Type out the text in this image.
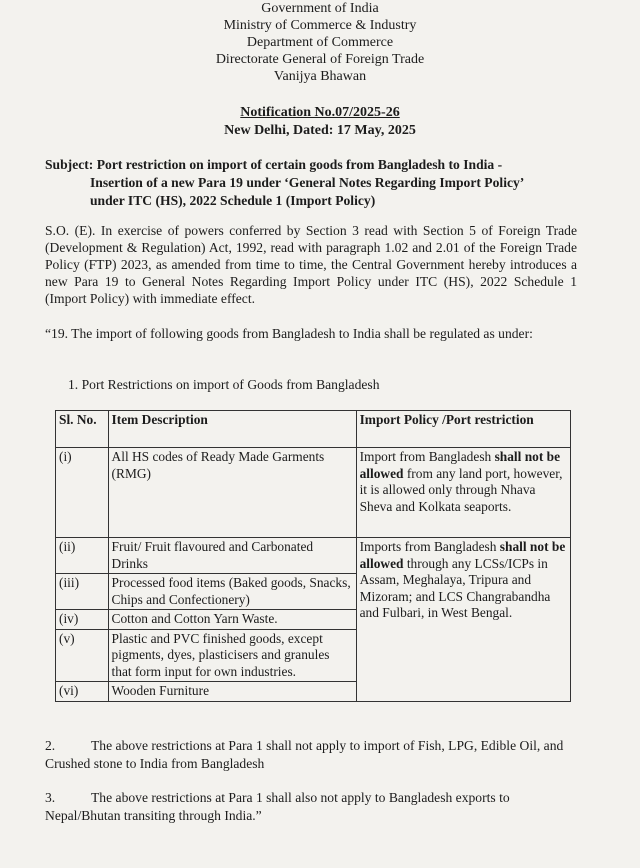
Government of India
Ministry of Commerce & Industry
Department of Commerce
Directorate General of Foreign Trade
Vanijya Bhawan
Notification No.07/2025-26
New Delhi, Dated: 17 May, 2025
Subject: Port restriction on import of certain goods from Bangladesh to India -
Insertion of a new Para 19 under ‘General Notes Regarding Import Policy’
under ITC (HS), 2022 Schedule 1 (Import Policy)
S.O. (E). In exercise of powers conferred by Section 3 read with Section 5 of Foreign Trade (Development & Regulation) Act, 1992, read with paragraph 1.02 and 2.01 of the Foreign Trade Policy (FTP) 2023, as amended from time to time, the Central Government hereby introduces a new Para 19 to General Notes Regarding Import Policy under ITC (HS), 2022 Schedule 1 (Import Policy) with immediate effect.
“19. The import of following goods from Bangladesh to India shall be regulated as under:
1. Port Restrictions on import of Goods from Bangladesh
Sl. No.	Item Description	Import Policy /Port restriction
(i)	All HS codes of Ready Made Garments (RMG)	Import from Bangladesh shall not be allowed from any land port, however, it is allowed only through Nhava Sheva and Kolkata seaports.
(ii)	Fruit/ Fruit flavoured and Carbonated Drinks	Imports from Bangladesh shall not be allowed through any LCSs/ICPs in Assam, Meghalaya, Tripura and Mizoram; and LCS Changrabandha and Fulbari, in West Bengal.
(iii)	Processed food items (Baked goods, Snacks, Chips and Confectionery)	
(iv)	Cotton and Cotton Yarn Waste.	
(v)	Plastic and PVC finished goods, except pigments, dyes, plasticisers and granules that form input for own industries.	
(vi)	Wooden Furniture	
2.	The above restrictions at Para 1 shall not apply to import of Fish, LPG, Edible Oil, and Crushed stone to India from Bangladesh
3.	The above restrictions at Para 1 shall also not apply to Bangladesh exports to Nepal/Bhutan transiting through India.”
